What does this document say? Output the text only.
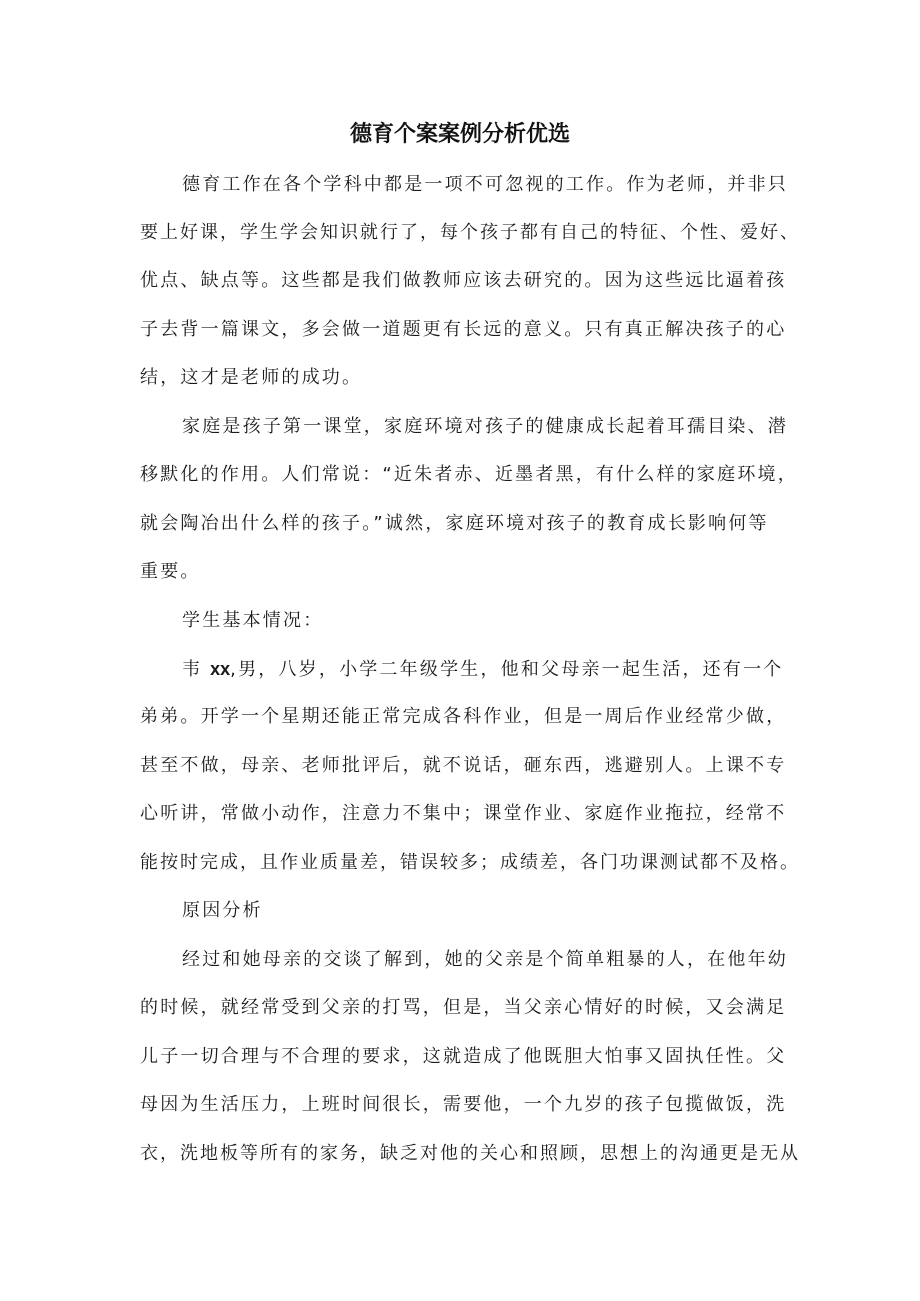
德育个案案例分析优选
德育工作在各个学科中都是一项不可忽视的工作。作为老师，并非只
要上好课，学生学会知识就行了，每个孩子都有自己的特征、个性、爱好、
优点、缺点等。这些都是我们做教师应该去研究的。因为这些远比逼着孩
子去背一篇课文，多会做一道题更有长远的意义。只有真正解决孩子的心
结，这才是老师的成功。
家庭是孩子第一课堂，家庭环境对孩子的健康成长起着耳孺目染、潜
移默化的作用。人们常说：“近朱者赤、近墨者黑，有什么样的家庭环境，
就会陶冶出什么样的孩子。”诚然，家庭环境对孩子的教育成长影响何等
重要。
学生基本情况：
韦 xx,男，八岁，小学二年级学生，他和父母亲一起生活，还有一个
弟弟。开学一个星期还能正常完成各科作业，但是一周后作业经常少做，
甚至不做，母亲、老师批评后，就不说话，砸东西，逃避别人。上课不专
心听讲，常做小动作，注意力不集中；课堂作业、家庭作业拖拉，经常不
能按时完成，且作业质量差，错误较多；成绩差，各门功课测试都不及格。
原因分析
经过和她母亲的交谈了解到，她的父亲是个简单粗暴的人，在他年幼
的时候，就经常受到父亲的打骂，但是，当父亲心情好的时候，又会满足
儿子一切合理与不合理的要求，这就造成了他既胆大怕事又固执任性。父
母因为生活压力，上班时间很长，需要他，一个九岁的孩子包揽做饭，洗
衣，洗地板等所有的家务，缺乏对他的关心和照顾，思想上的沟通更是无从
